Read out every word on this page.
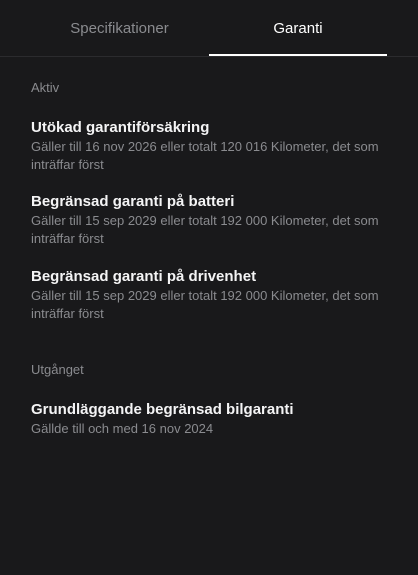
Specifikationer	Garanti
Aktiv
Utökad garantiförsäkring
Gäller till 16 nov 2026 eller totalt 120 016 Kilometer, det som inträffar först
Begränsad garanti på batteri
Gäller till 15 sep 2029 eller totalt 192 000 Kilometer, det som inträffar först
Begränsad garanti på drivenhet
Gäller till 15 sep 2029 eller totalt 192 000 Kilometer, det som inträffar först
Utgånget
Grundläggande begränsad bilgaranti
Gällde till och med 16 nov 2024
